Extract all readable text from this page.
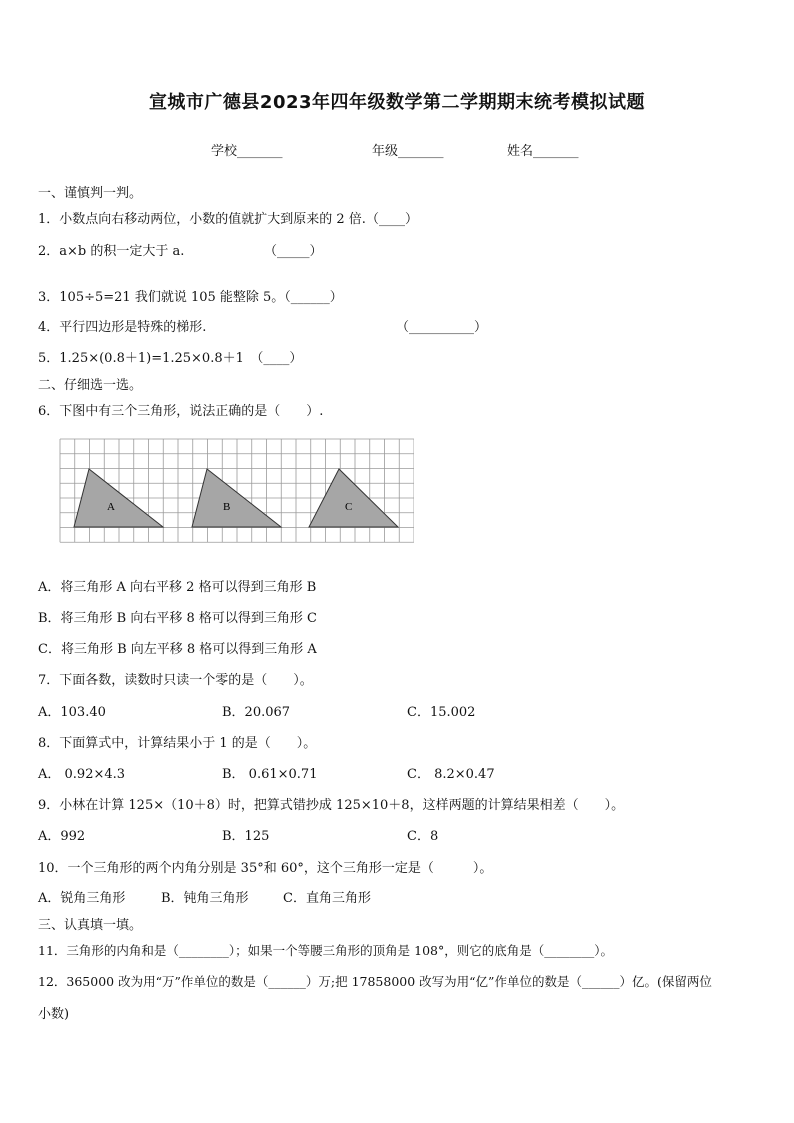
宣城市广德县2023年四年级数学第二学期期末统考模拟试题
学校_______	年级_______	姓名_______
一、谨慎判一判。
1．小数点向右移动两位，小数的值就扩大到原来的 2 倍.（____）
2．a×b 的积一定大于 a.	（_____）
3．105÷5=21 我们就说 105 能整除 5。（______）
4．平行四边形是特殊的梯形.	（__________）
5．1.25×(0.8＋1)=1.25×0.8＋1　（____）
二、仔细选一选。
6．下图中有三个三角形，说法正确的是（　　）.
A	B	C
A．将三角形 A 向右平移 2 格可以得到三角形 B
B．将三角形 B 向右平移 8 格可以得到三角形 C
C．将三角形 B 向左平移 8 格可以得到三角形 A
7．下面各数，读数时只读一个零的是（　　）。
A．103.40	B．20.067	C．15.002
8．下面算式中，计算结果小于 1 的是（　　）。
A． 0.92×4.3	B． 0.61×0.71	C． 8.2×0.47
9．小林在计算 125×（10＋8）时，把算式错抄成 125×10＋8，这样两题的计算结果相差（　　）。
A．992	B．125	C．8
10．一个三角形的两个内角分别是 35°和 60°，这个三角形一定是（　　　）。
A．锐角三角形	B．钝角三角形	C．直角三角形
三、认真填一填。
11．三角形的内角和是（________）；如果一个等腰三角形的顶角是 108°，则它的底角是（________）。
12．365000 改为用“万”作单位的数是（______）万;把 17858000 改写为用“亿”作单位的数是（______）亿。(保留两位
小数)
